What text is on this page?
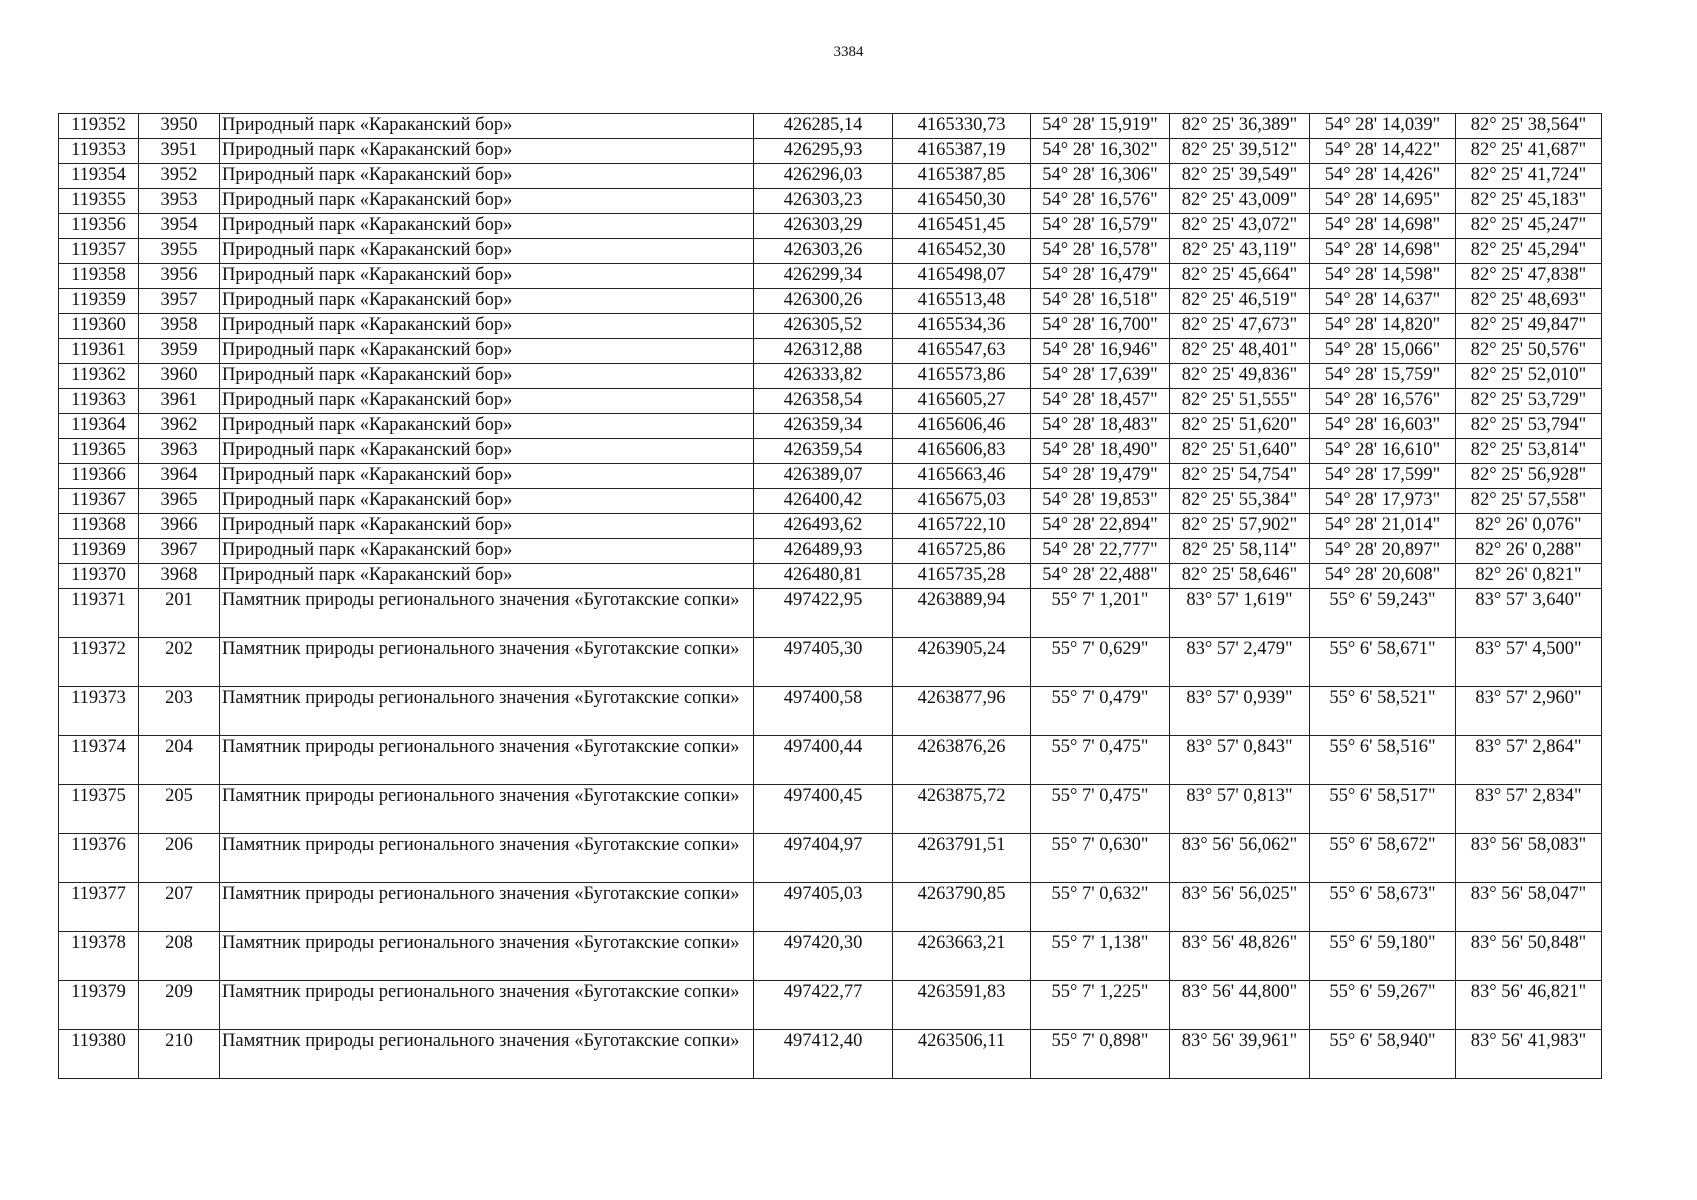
3384
119352	3950	Природный парк «Караканский бор»	426285,14	4165330,73	54° 28' 15,919"	82° 25' 36,389"	54° 28' 14,039"	82° 25' 38,564"
119353	3951	Природный парк «Караканский бор»	426295,93	4165387,19	54° 28' 16,302"	82° 25' 39,512"	54° 28' 14,422"	82° 25' 41,687"
119354	3952	Природный парк «Караканский бор»	426296,03	4165387,85	54° 28' 16,306"	82° 25' 39,549"	54° 28' 14,426"	82° 25' 41,724"
119355	3953	Природный парк «Караканский бор»	426303,23	4165450,30	54° 28' 16,576"	82° 25' 43,009"	54° 28' 14,695"	82° 25' 45,183"
119356	3954	Природный парк «Караканский бор»	426303,29	4165451,45	54° 28' 16,579"	82° 25' 43,072"	54° 28' 14,698"	82° 25' 45,247"
119357	3955	Природный парк «Караканский бор»	426303,26	4165452,30	54° 28' 16,578"	82° 25' 43,119"	54° 28' 14,698"	82° 25' 45,294"
119358	3956	Природный парк «Караканский бор»	426299,34	4165498,07	54° 28' 16,479"	82° 25' 45,664"	54° 28' 14,598"	82° 25' 47,838"
119359	3957	Природный парк «Караканский бор»	426300,26	4165513,48	54° 28' 16,518"	82° 25' 46,519"	54° 28' 14,637"	82° 25' 48,693"
119360	3958	Природный парк «Караканский бор»	426305,52	4165534,36	54° 28' 16,700"	82° 25' 47,673"	54° 28' 14,820"	82° 25' 49,847"
119361	3959	Природный парк «Караканский бор»	426312,88	4165547,63	54° 28' 16,946"	82° 25' 48,401"	54° 28' 15,066"	82° 25' 50,576"
119362	3960	Природный парк «Караканский бор»	426333,82	4165573,86	54° 28' 17,639"	82° 25' 49,836"	54° 28' 15,759"	82° 25' 52,010"
119363	3961	Природный парк «Караканский бор»	426358,54	4165605,27	54° 28' 18,457"	82° 25' 51,555"	54° 28' 16,576"	82° 25' 53,729"
119364	3962	Природный парк «Караканский бор»	426359,34	4165606,46	54° 28' 18,483"	82° 25' 51,620"	54° 28' 16,603"	82° 25' 53,794"
119365	3963	Природный парк «Караканский бор»	426359,54	4165606,83	54° 28' 18,490"	82° 25' 51,640"	54° 28' 16,610"	82° 25' 53,814"
119366	3964	Природный парк «Караканский бор»	426389,07	4165663,46	54° 28' 19,479"	82° 25' 54,754"	54° 28' 17,599"	82° 25' 56,928"
119367	3965	Природный парк «Караканский бор»	426400,42	4165675,03	54° 28' 19,853"	82° 25' 55,384"	54° 28' 17,973"	82° 25' 57,558"
119368	3966	Природный парк «Караканский бор»	426493,62	4165722,10	54° 28' 22,894"	82° 25' 57,902"	54° 28' 21,014"	82° 26' 0,076"
119369	3967	Природный парк «Караканский бор»	426489,93	4165725,86	54° 28' 22,777"	82° 25' 58,114"	54° 28' 20,897"	82° 26' 0,288"
119370	3968	Природный парк «Караканский бор»	426480,81	4165735,28	54° 28' 22,488"	82° 25' 58,646"	54° 28' 20,608"	82° 26' 0,821"
119371	201	Памятник природы регионального значения «Буготакские сопки»	497422,95	4263889,94	55° 7' 1,201"	83° 57' 1,619"	55° 6' 59,243"	83° 57' 3,640"
119372	202	Памятник природы регионального значения «Буготакские сопки»	497405,30	4263905,24	55° 7' 0,629"	83° 57' 2,479"	55° 6' 58,671"	83° 57' 4,500"
119373	203	Памятник природы регионального значения «Буготакские сопки»	497400,58	4263877,96	55° 7' 0,479"	83° 57' 0,939"	55° 6' 58,521"	83° 57' 2,960"
119374	204	Памятник природы регионального значения «Буготакские сопки»	497400,44	4263876,26	55° 7' 0,475"	83° 57' 0,843"	55° 6' 58,516"	83° 57' 2,864"
119375	205	Памятник природы регионального значения «Буготакские сопки»	497400,45	4263875,72	55° 7' 0,475"	83° 57' 0,813"	55° 6' 58,517"	83° 57' 2,834"
119376	206	Памятник природы регионального значения «Буготакские сопки»	497404,97	4263791,51	55° 7' 0,630"	83° 56' 56,062"	55° 6' 58,672"	83° 56' 58,083"
119377	207	Памятник природы регионального значения «Буготакские сопки»	497405,03	4263790,85	55° 7' 0,632"	83° 56' 56,025"	55° 6' 58,673"	83° 56' 58,047"
119378	208	Памятник природы регионального значения «Буготакские сопки»	497420,30	4263663,21	55° 7' 1,138"	83° 56' 48,826"	55° 6' 59,180"	83° 56' 50,848"
119379	209	Памятник природы регионального значения «Буготакские сопки»	497422,77	4263591,83	55° 7' 1,225"	83° 56' 44,800"	55° 6' 59,267"	83° 56' 46,821"
119380	210	Памятник природы регионального значения «Буготакские сопки»	497412,40	4263506,11	55° 7' 0,898"	83° 56' 39,961"	55° 6' 58,940"	83° 56' 41,983"
